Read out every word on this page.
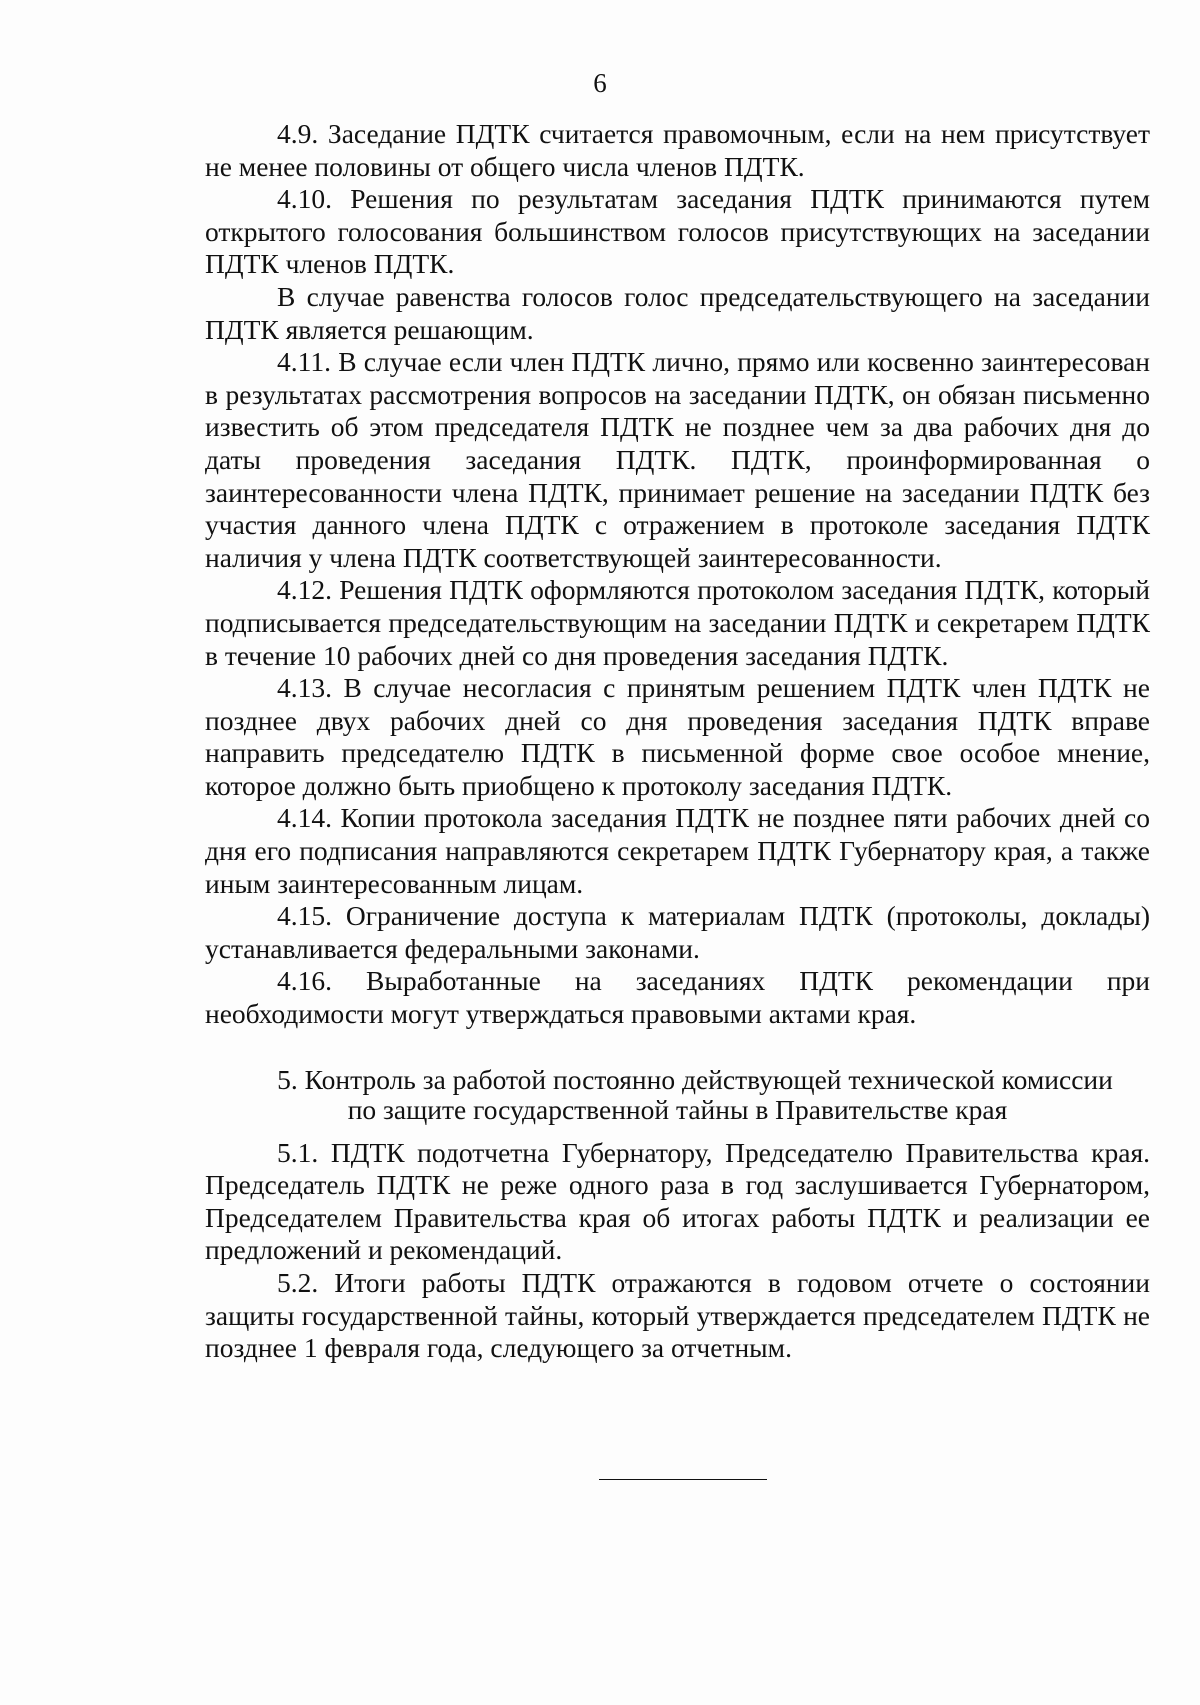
6

4.9. Заседание ПДТК считается правомочным, если на нем присутствует не менее половины от общего числа членов ПДТК.

4.10. Решения по результатам заседания ПДТК принимаются путем открытого голосования большинством голосов присутствующих на заседании ПДТК членов ПДТК.

В случае равенства голосов голос председательствующего на заседании ПДТК является решающим.

4.11. В случае если член ПДТК лично, прямо или косвенно заинтересован в результатах рассмотрения вопросов на заседании ПДТК, он обязан письменно известить об этом председателя ПДТК не позднее чем за два рабочих дня до даты проведения заседания ПДТК. ПДТК, проинформированная о заинтересованности члена ПДТК, принимает решение на заседании ПДТК без участия данного члена ПДТК с отражением в протоколе заседания ПДТК наличия у члена ПДТК соответствующей заинтересованности.

4.12. Решения ПДТК оформляются протоколом заседания ПДТК, который подписывается председательствующим на заседании ПДТК и секретарем ПДТК в течение 10 рабочих дней со дня проведения заседания ПДТК.

4.13. В случае несогласия с принятым решением ПДТК член ПДТК не позднее двух рабочих дней со дня проведения заседания ПДТК вправе направить председателю ПДТК в письменной форме свое особое мнение, которое должно быть приобщено к протоколу заседания ПДТК.

4.14. Копии протокола заседания ПДТК не позднее пяти рабочих дней со дня его подписания направляются секретарем ПДТК Губернатору края, а также иным заинтересованным лицам.

4.15. Ограничение доступа к материалам ПДТК (протоколы, доклады) устанавливается федеральными законами.

4.16. Выработанные на заседаниях ПДТК рекомендации при необходимости могут утверждаться правовыми актами края.

5. Контроль за работой постоянно действующей технической комиссии
по защите государственной тайны в Правительстве края

5.1. ПДТК подотчетна Губернатору, Председателю Правительства края. Председатель ПДТК не реже одного раза в год заслушивается Губернатором, Председателем Правительства края об итогах работы ПДТК и реализации ее предложений и рекомендаций.

5.2. Итоги работы ПДТК отражаются в годовом отчете о состоянии защиты государственной тайны, который утверждается председателем ПДТК не позднее 1 февраля года, следующего за отчетным.
